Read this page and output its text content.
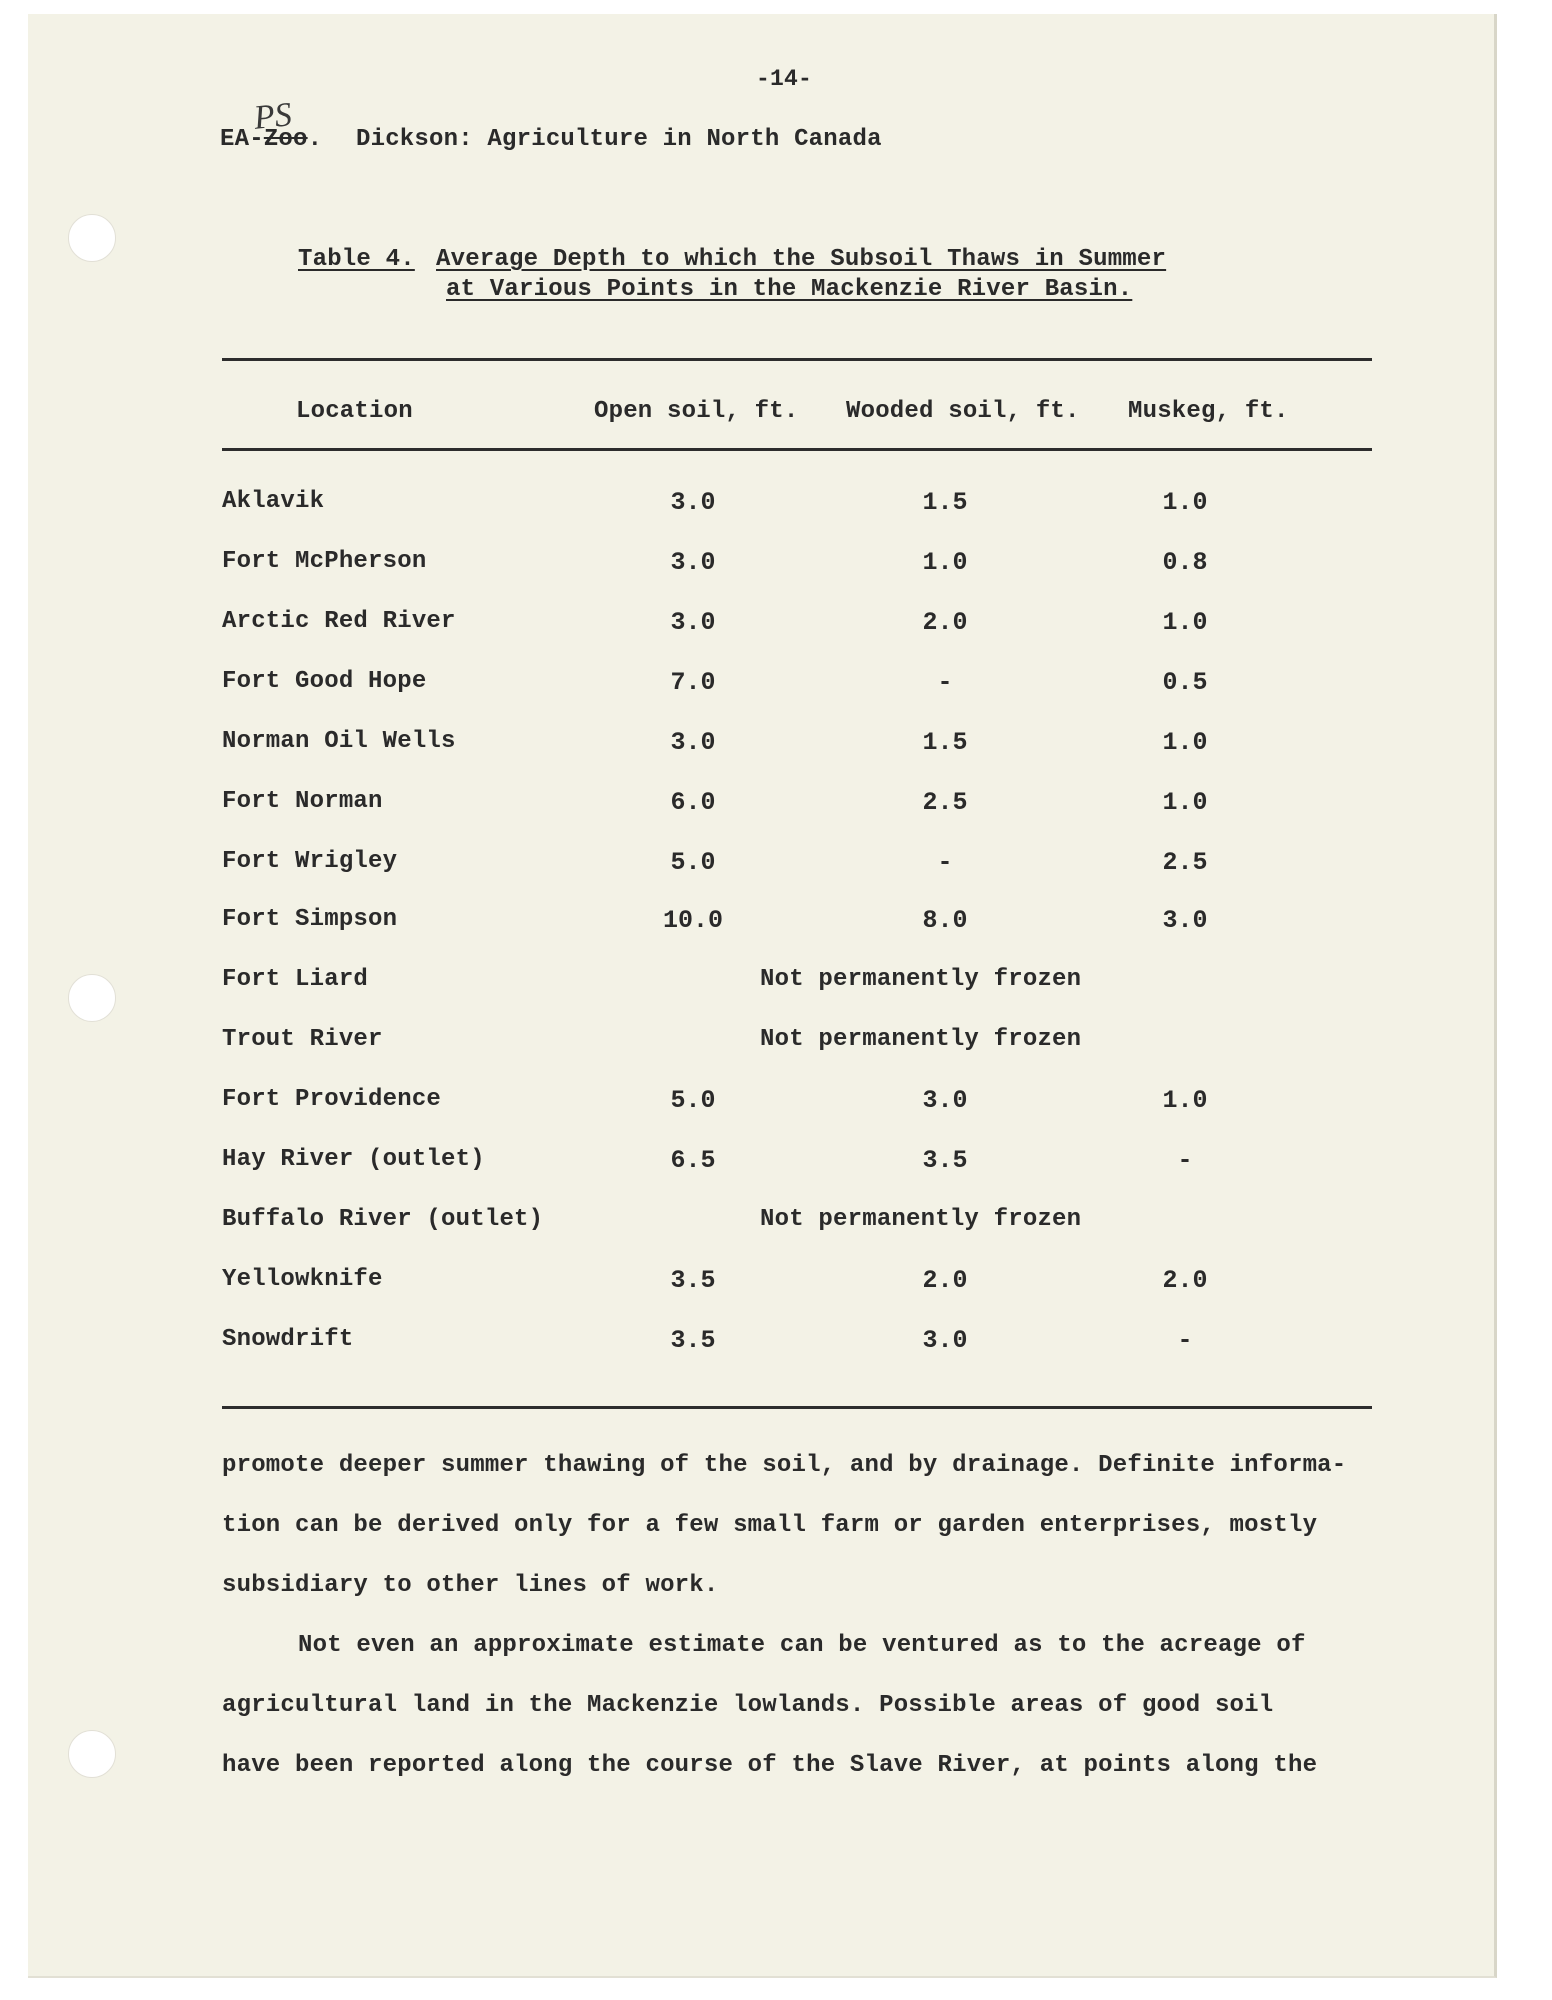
-14-
EA-Zoo.
PS
Dickson: Agriculture in North Canada
Table 4. Average Depth to which the Subsoil Thaws in Summer
at Various Points in the Mackenzie River Basin.
Location	Open soil, ft. Wooded soil, ft. Muskeg, ft.
Aklavik	3.0	1.5	1.0
Fort McPherson	3.0	1.0	0.8
Arctic Red River	3.0	2.0	1.0
Fort Good Hope	7.0	-	0.5
Norman Oil Wells	3.0	1.5	1.0
Fort Norman	6.0	2.5	1.0
Fort Wrigley	5.0	-	2.5
Fort Simpson	10.0	8.0	3.0
Fort Liard	Not permanently frozen
Trout River	Not permanently frozen
Fort Providence	5.0	3.0	1.0
Hay River (outlet)	6.5	3.5	-
Buffalo River (outlet)	Not permanently frozen
Yellowknife	3.5	2.0	2.0
Snowdrift	3.5	3.0	-
promote deeper summer thawing of the soil, and by drainage. Definite informa-
tion can be derived only for a few small farm or garden enterprises, mostly
subsidiary to other lines of work.
Not even an approximate estimate can be ventured as to the acreage of
agricultural land in the Mackenzie lowlands. Possible areas of good soil
have been reported along the course of the Slave River, at points along the
